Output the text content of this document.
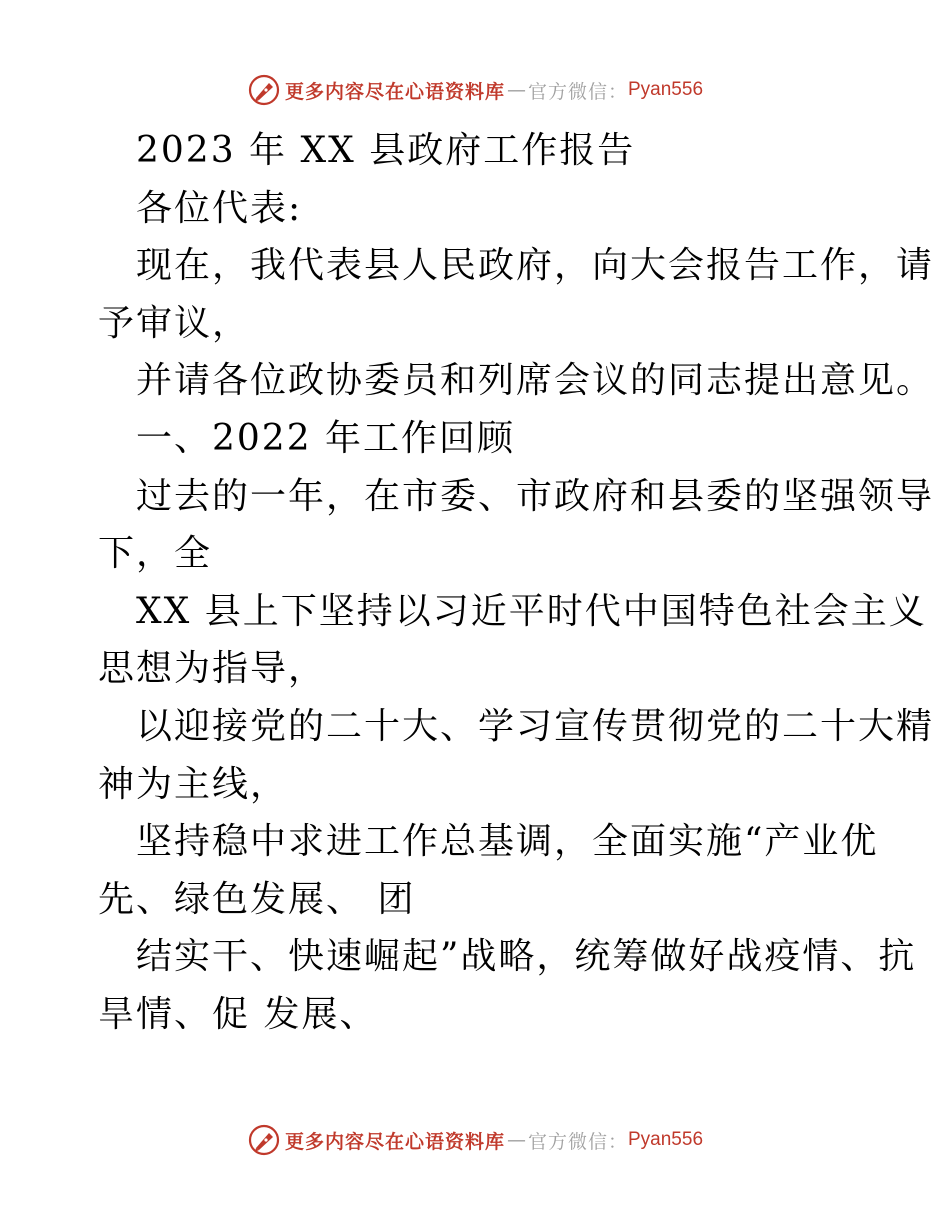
更多内容尽在心语资料库 — 官方微信： Pyan556
2023 年 XX 县政府工作报告
各位代表:
现在，我代表县人民政府，向大会报告工作，请
予审议，
并请各位政协委员和列席会议的同志提出意见。
一、2022 年工作回顾
过去的一年，在市委、市政府和县委的坚强领导
下，全
XX 县上下坚持以习近平时代中国特色社会主义
思想为指导，
以迎接党的二十大、学习宣传贯彻党的二十大精
神为主线，
坚持稳中求进工作总基调，全面实施“产业优
先、绿色发展、 团
结实干、快速崛起”战略，统筹做好战疫情、抗
旱情、促 发展、
更多内容尽在心语资料库 — 官方微信： Pyan556
